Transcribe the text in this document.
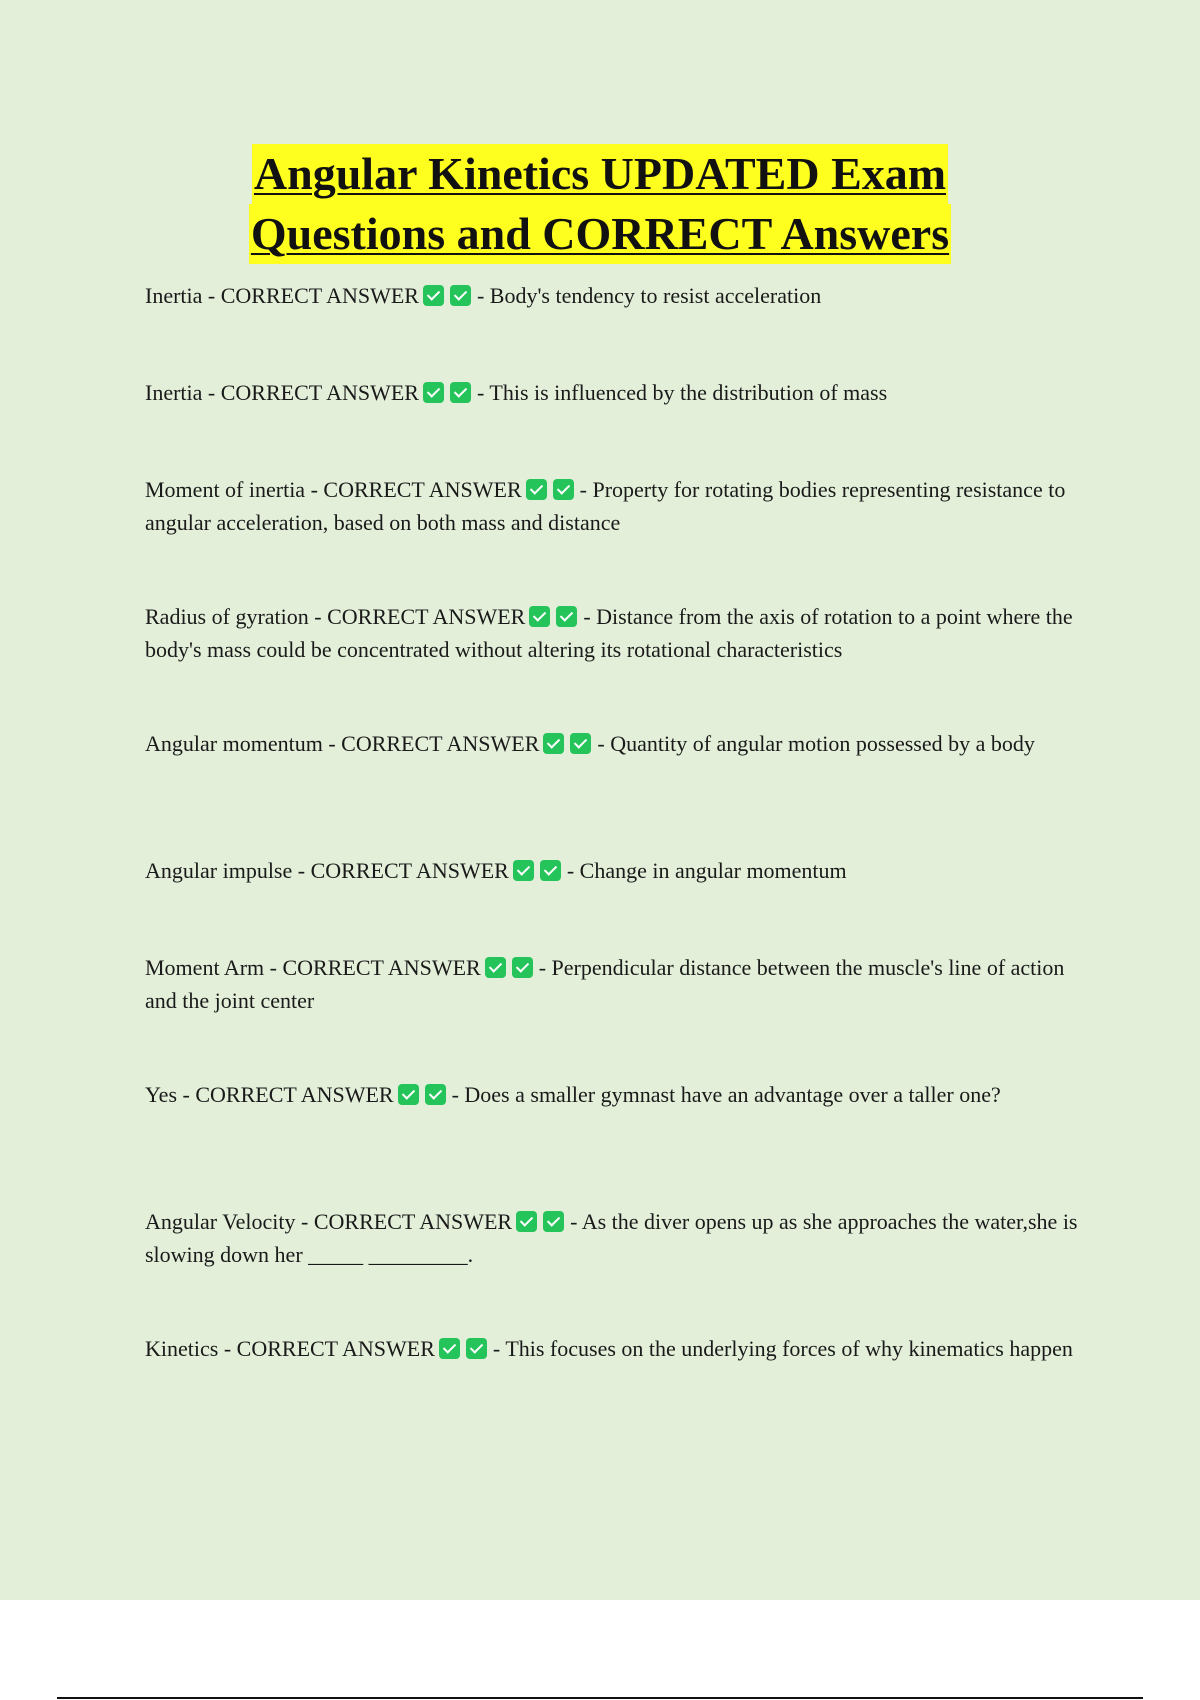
Angular Kinetics UPDATED Exam
Questions and CORRECT Answers

Inertia - CORRECT ANSWER	- Body's tendency to resist acceleration

Inertia - CORRECT ANSWER	- This is influenced by the distribution of mass

Moment of inertia - CORRECT ANSWER	- Property for rotating bodies representing resistance to angular acceleration, based on both mass and distance

Radius of gyration - CORRECT ANSWER	- Distance from the axis of rotation to a point where the body's mass could be concentrated without altering its rotational characteristics

Angular momentum - CORRECT ANSWER	- Quantity of angular motion possessed by a body

Angular impulse - CORRECT ANSWER	- Change in angular momentum

Moment Arm - CORRECT ANSWER	- Perpendicular distance between the muscle's line of action and the joint center

Yes - CORRECT ANSWER	- Does a smaller gymnast have an advantage over a taller one?

Angular Velocity - CORRECT ANSWER	- As the diver opens up as she approaches the water,she is slowing down her _____ _________.

Kinetics - CORRECT ANSWER	- This focuses on the underlying forces of why kinematics happen
